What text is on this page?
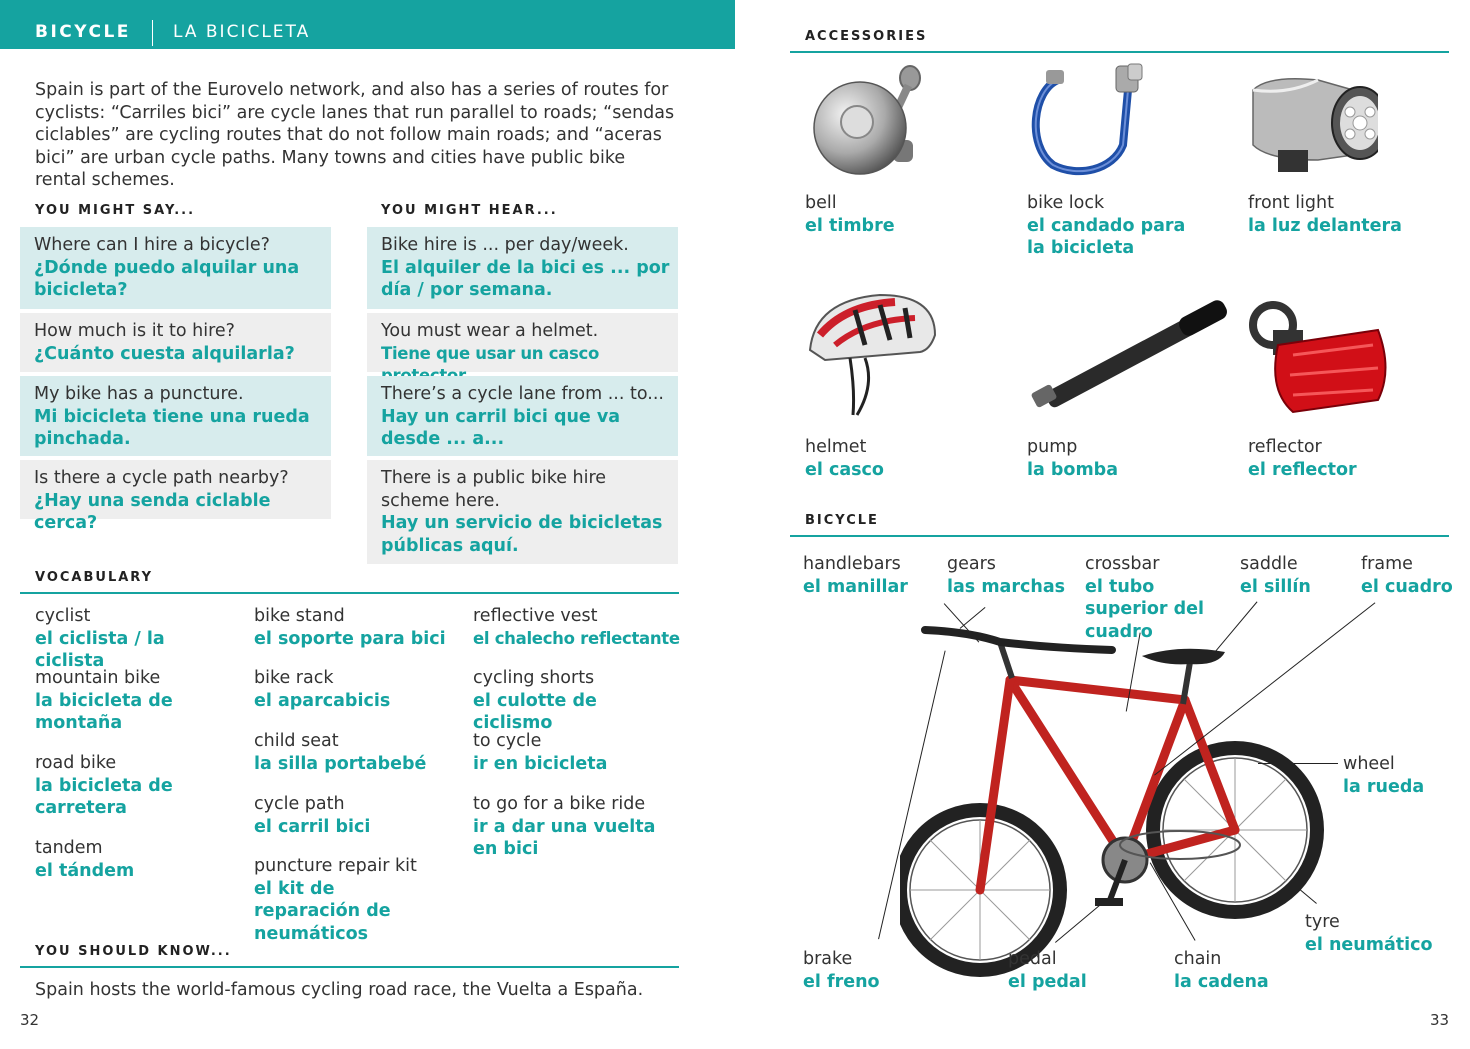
BICYCLE LA BICICLETA
Spain is part of the Eurovelo network, and also has a series of routes for cyclists: “Carriles bici” are cycle lanes that run parallel to roads; “sendas ciclables” are cycling routes that do not follow main roads; and “aceras bici” are urban cycle paths. Many towns and cities have public bike rental schemes.
YOU MIGHT SAY...
Where can I hire a bicycle?
¿Dónde puedo alquilar una bicicleta?
How much is it to hire?
¿Cuánto cuesta alquilarla?
My bike has a puncture.
Mi bicicleta tiene una rueda pinchada.
Is there a cycle path nearby?
¿Hay una senda ciclable cerca?
YOU MIGHT HEAR...
Bike hire is ... per day/week.
El alquiler de la bici es ... por día / por semana.
You must wear a helmet.
Tiene que usar un casco
There’s a cycle lane from ... to...
Hay un carril bici que va desde ... a...
There is a public bike hire scheme here.
Hay un servicio de bicicletas públicas aquí.
VOCABULARY
cyclist
el ciclista / la ciclista
mountain bike
la bicicleta de montaña
road bike
la bicicleta de carretera
tandem
el tándem
bike stand
el soporte para bici
bike rack
el aparcabicis
child seat
la silla portabebé
cycle path
el carril bici
puncture repair kit
el kit de reparación de neumáticos
reflective vest
el chalecho reflectante
cycling shorts
el culotte de ciclismo
to cycle
ir en bicicleta
to go for a bike ride
ir a dar una vuelta en bici
YOU SHOULD KNOW...
Spain hosts the world-famous cycling road race, the Vuelta a España.
32	33
ACCESSORIES
bell
el timbre
bike lock
el candado para la bicicleta
front light
la luz delantera
helmet
el casco
pump
la bomba
reflector
el reflector
BICYCLE
handlebars
el manillar
gears
las marchas
crossbar
el tubo superior del cuadro
saddle
el sillín
frame
el cuadro
wheel
la rueda
tyre
el neumático
brake
el freno
pedal
el pedal
chain
la cadena
